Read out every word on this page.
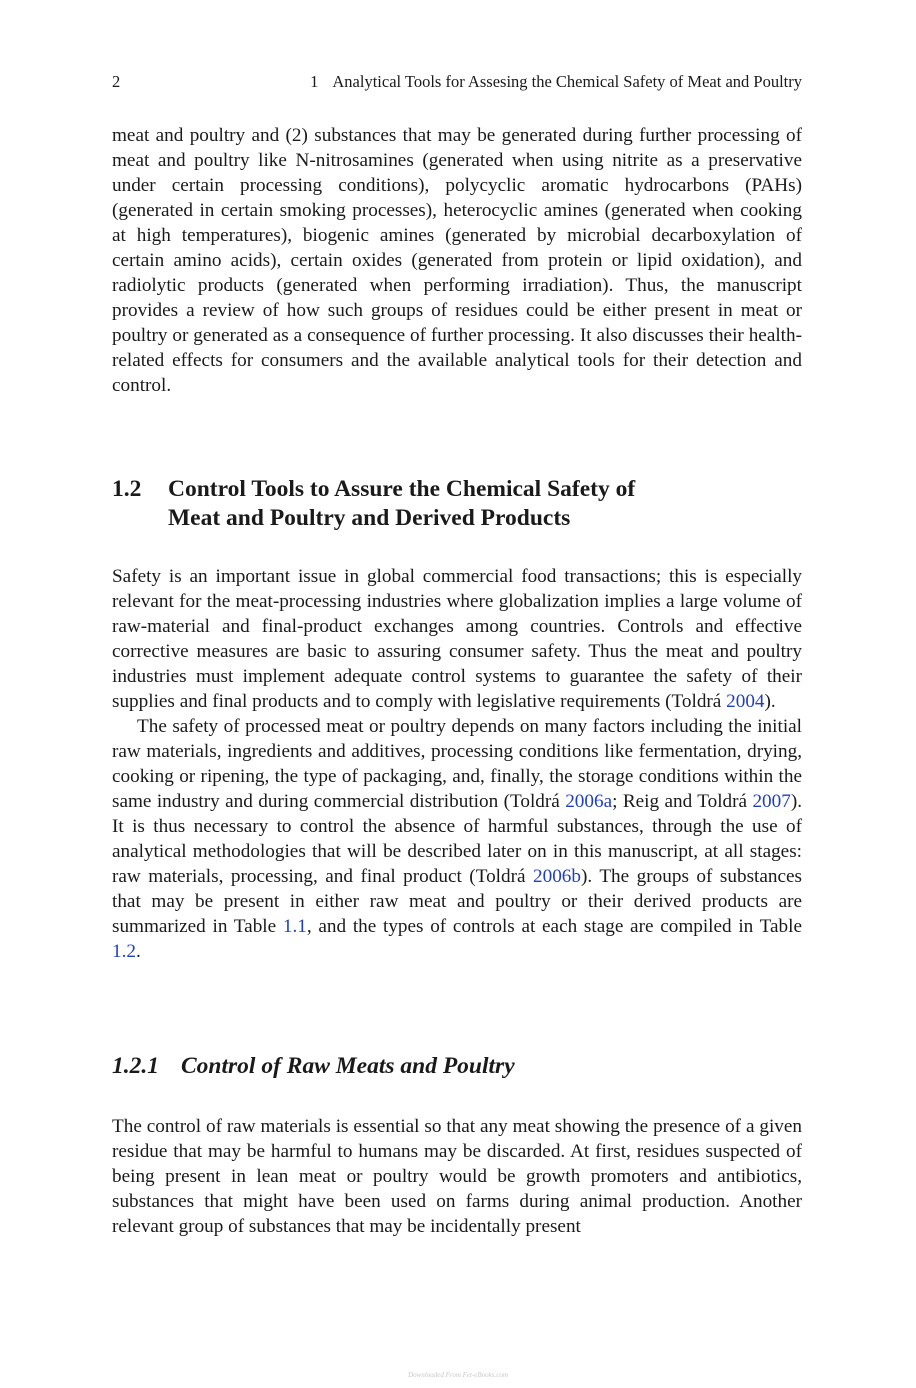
2	1 Analytical Tools for Assesing the Chemical Safety of Meat and Poultry

meat and poultry and (2) substances that may be generated during further processing of meat and poultry like N-nitrosamines (generated when using nitrite as a preservative under certain processing conditions), polycyclic aromatic hydrocarbons (PAHs) (generated in certain smoking processes), heterocyclic amines (generated when cooking at high temperatures), biogenic amines (generated by microbial decarboxylation of certain amino acids), certain oxides (generated from protein or lipid oxidation), and radiolytic products (generated when performing irradiation). Thus, the manuscript provides a review of how such groups of residues could be either present in meat or poultry or generated as a consequence of further processing. It also discusses their health-related effects for consumers and the available analytical tools for their detection and control.

1.2 Control Tools to Assure the Chemical Safety of Meat and Poultry and Derived Products

Safety is an important issue in global commercial food transactions; this is especially relevant for the meat-processing industries where globalization implies a large volume of raw-material and final-product exchanges among countries. Controls and effective corrective measures are basic to assuring consumer safety. Thus the meat and poultry industries must implement adequate control systems to guarantee the safety of their supplies and final products and to comply with legislative requirements (Toldrá 2004).

The safety of processed meat or poultry depends on many factors including the initial raw materials, ingredients and additives, processing conditions like fermentation, drying, cooking or ripening, the type of packaging, and, finally, the storage conditions within the same industry and during commercial distribution (Toldrá 2006a; Reig and Toldrá 2007). It is thus necessary to control the absence of harmful substances, through the use of analytical methodologies that will be described later on in this manuscript, at all stages: raw materials, processing, and final product (Toldrá 2006b). The groups of substances that may be present in either raw meat and poultry or their derived products are summarized in Table 1.1, and the types of controls at each stage are compiled in Table 1.2.

1.2.1 Control of Raw Meats and Poultry

The control of raw materials is essential so that any meat showing the presence of a given residue that may be harmful to humans may be discarded. At first, residues suspected of being present in lean meat or poultry would be growth promoters and antibiotics, substances that might have been used on farms during animal production. Another relevant group of substances that may be incidentally present

Downloaded From Fet-eBooks.com
